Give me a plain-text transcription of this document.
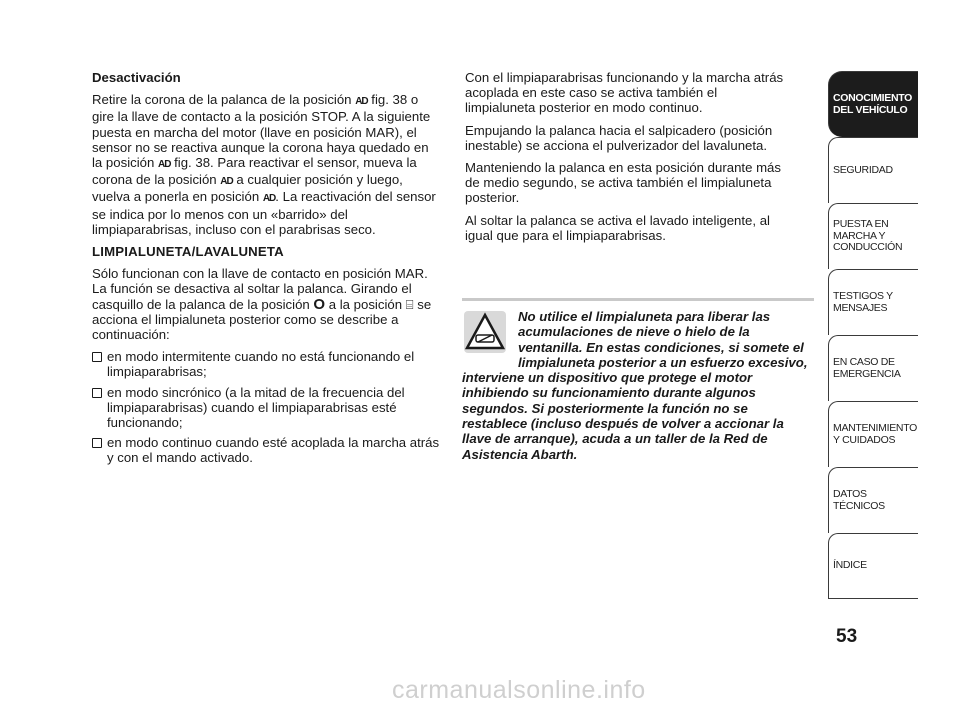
Desactivación

Retire la corona de la palanca de la posición AD fig. 38 o gire la llave de contacto a la posición STOP. A la siguiente puesta en marcha del motor (llave en posición MAR), el sensor no se reactiva aunque la corona haya quedado en la posición AD fig. 38. Para reactivar el sensor, mueva la corona de la posición AD a cualquier posición y luego, vuelva a ponerla en posición AD. La reactivación del sensor se indica por lo menos con un «barrido» del limpiaparabrisas, incluso con el parabrisas seco.

LIMPIALUNETA/LAVALUNETA

Sólo funcionan con la llave de contacto en posición MAR. La función se desactiva al soltar la palanca. Girando el casquillo de la palanca de la posición O a la posición ⌸ se acciona el limpialuneta posterior como se describe a continuación:

en modo intermitente cuando no está funcionando el limpiaparabrisas;
en modo sincrónico (a la mitad de la frecuencia del limpiaparabrisas) cuando el limpiaparabrisas esté funcionando;
en modo continuo cuando esté acoplada la marcha atrás y con el mando activado.

Con el limpiaparabrisas funcionando y la marcha atrás acoplada en este caso se activa también el limpialuneta posterior en modo continuo.

Empujando la palanca hacia el salpicadero (posición inestable) se acciona el pulverizador del lavaluneta.

Manteniendo la palanca en esta posición durante más de medio segundo, se activa también el limpialuneta posterior.

Al soltar la palanca se activa el lavado inteligente, al igual que para el limpiaparabrisas.

No utilice el limpialuneta para liberar las acumulaciones de nieve o hielo de la ventanilla. En estas condiciones, si somete el limpialuneta posterior a un esfuerzo excesivo, interviene un dispositivo que protege el motor inhibiendo su funcionamiento durante algunos segundos. Si posteriormente la función no se restablece (incluso después de volver a accionar la llave de arranque), acuda a un taller de la Red de Asistencia Abarth.
CONOCIMIENTO DEL VEHÍCULO
SEGURIDAD
PUESTA EN MARCHA Y CONDUCCIÓN
TESTIGOS Y MENSAJES
EN CASO DE EMERGENCIA
MANTENIMIENTO Y CUIDADOS
DATOS TÉCNICOS
ÍNDICE
53
carmanualsonline.info
